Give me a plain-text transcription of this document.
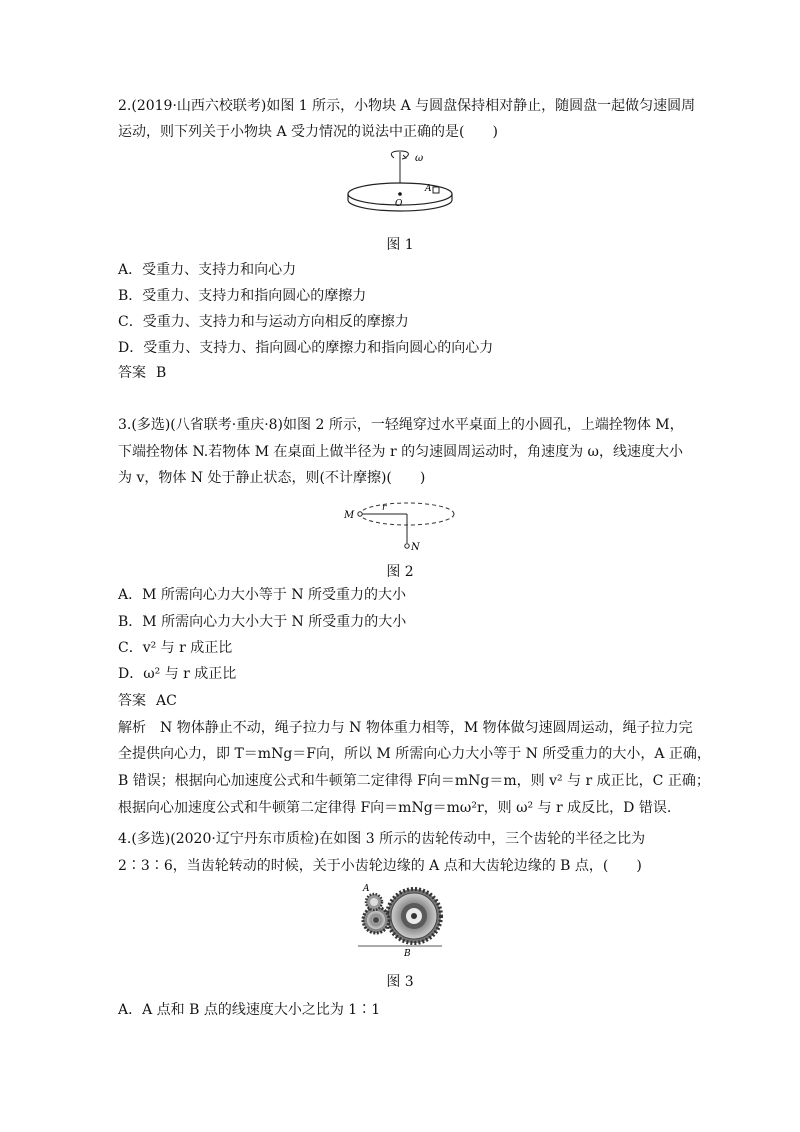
2.(2019·山西六校联考)如图 1 所示，小物块 A 与圆盘保持相对静止，随圆盘一起做匀速圆周
运动，则下列关于小物块 A 受力情况的说法中正确的是(　　)
ω
O
A
图 1
A．受重力、支持力和向心力
B．受重力、支持力和指向圆心的摩擦力
C．受重力、支持力和与运动方向相反的摩擦力
D．受重力、支持力、指向圆心的摩擦力和指向圆心的向心力
答案 B
3.(多选)(八省联考·重庆·8)如图 2 所示，一轻绳穿过水平桌面上的小圆孔，上端拴物体 M，
下端拴物体 N.若物体 M 在桌面上做半径为 r 的匀速圆周运动时，角速度为 ω，线速度大小
为 v，物体 N 处于静止状态，则(不计摩擦)(　　)
M
r
N
图 2
A．M 所需向心力大小等于 N 所受重力的大小
B．M 所需向心力大小大于 N 所受重力的大小
C．v² 与 r 成正比
D．ω² 与 r 成正比
答案 AC
解析　N 物体静止不动，绳子拉力与 N 物体重力相等，M 物体做匀速圆周运动，绳子拉力完
全提供向心力，即 T＝mNg＝F向，所以 M 所需向心力大小等于 N 所受重力的大小，A 正确，
B 错误；根据向心加速度公式和牛顿第二定律得 F向＝mNg＝m，则 v² 与 r 成正比，C 正确；
根据向心加速度公式和牛顿第二定律得 F向＝mNg＝mω²r，则 ω² 与 r 成反比，D 错误.
4.(多选)(2020·辽宁丹东市质检)在如图 3 所示的齿轮传动中，三个齿轮的半径之比为
2∶3∶6，当齿轮转动的时候，关于小齿轮边缘的 A 点和大齿轮边缘的 B 点，(　　)
A
B
图 3
A．A 点和 B 点的线速度大小之比为 1∶1
